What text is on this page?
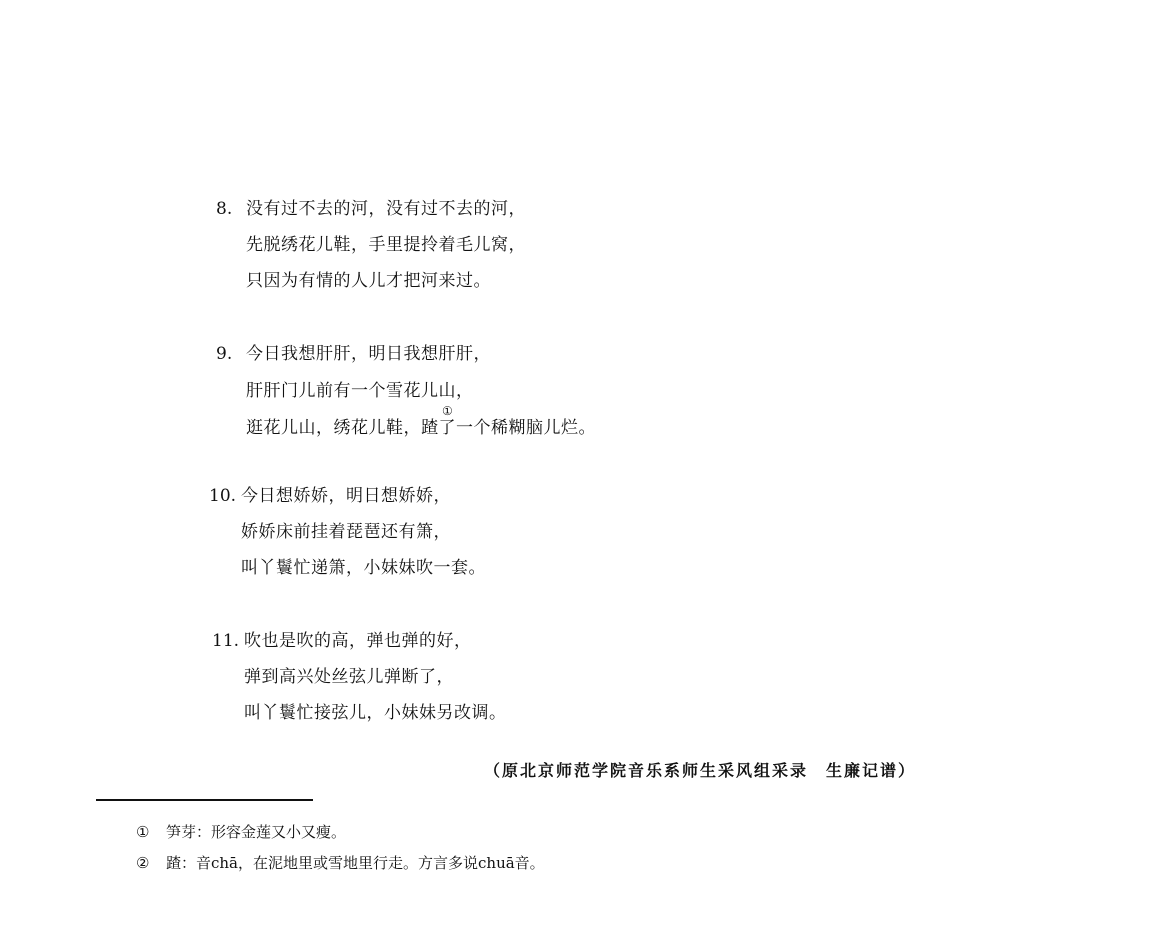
8. 没有过不去的河，没有过不去的河，
先脱绣花儿鞋，手里提拎着毛儿窝，
只因为有情的人儿才把河来过。
9. 今日我想肝肝，明日我想肝肝，
肝肝门儿前有一个雪花儿山，
①
逛花儿山，绣花儿鞋，蹅了一个稀糊脑儿烂。
10. 今日想娇娇，明日想娇娇，
娇娇床前挂着琵琶还有箫，
叫丫鬟忙递箫，小妹妹吹一套。
11. 吹也是吹的高，弹也弹的好，
弹到高兴处丝弦儿弹断了，
叫丫鬟忙接弦儿，小妹妹另改调。
（原北京师范学院音乐系师生采风组采录　生廉记谱）
① 笋芽：形容金莲又小又瘦。
② 蹅：音chā，在泥地里或雪地里行走。方言多说chuā音。
